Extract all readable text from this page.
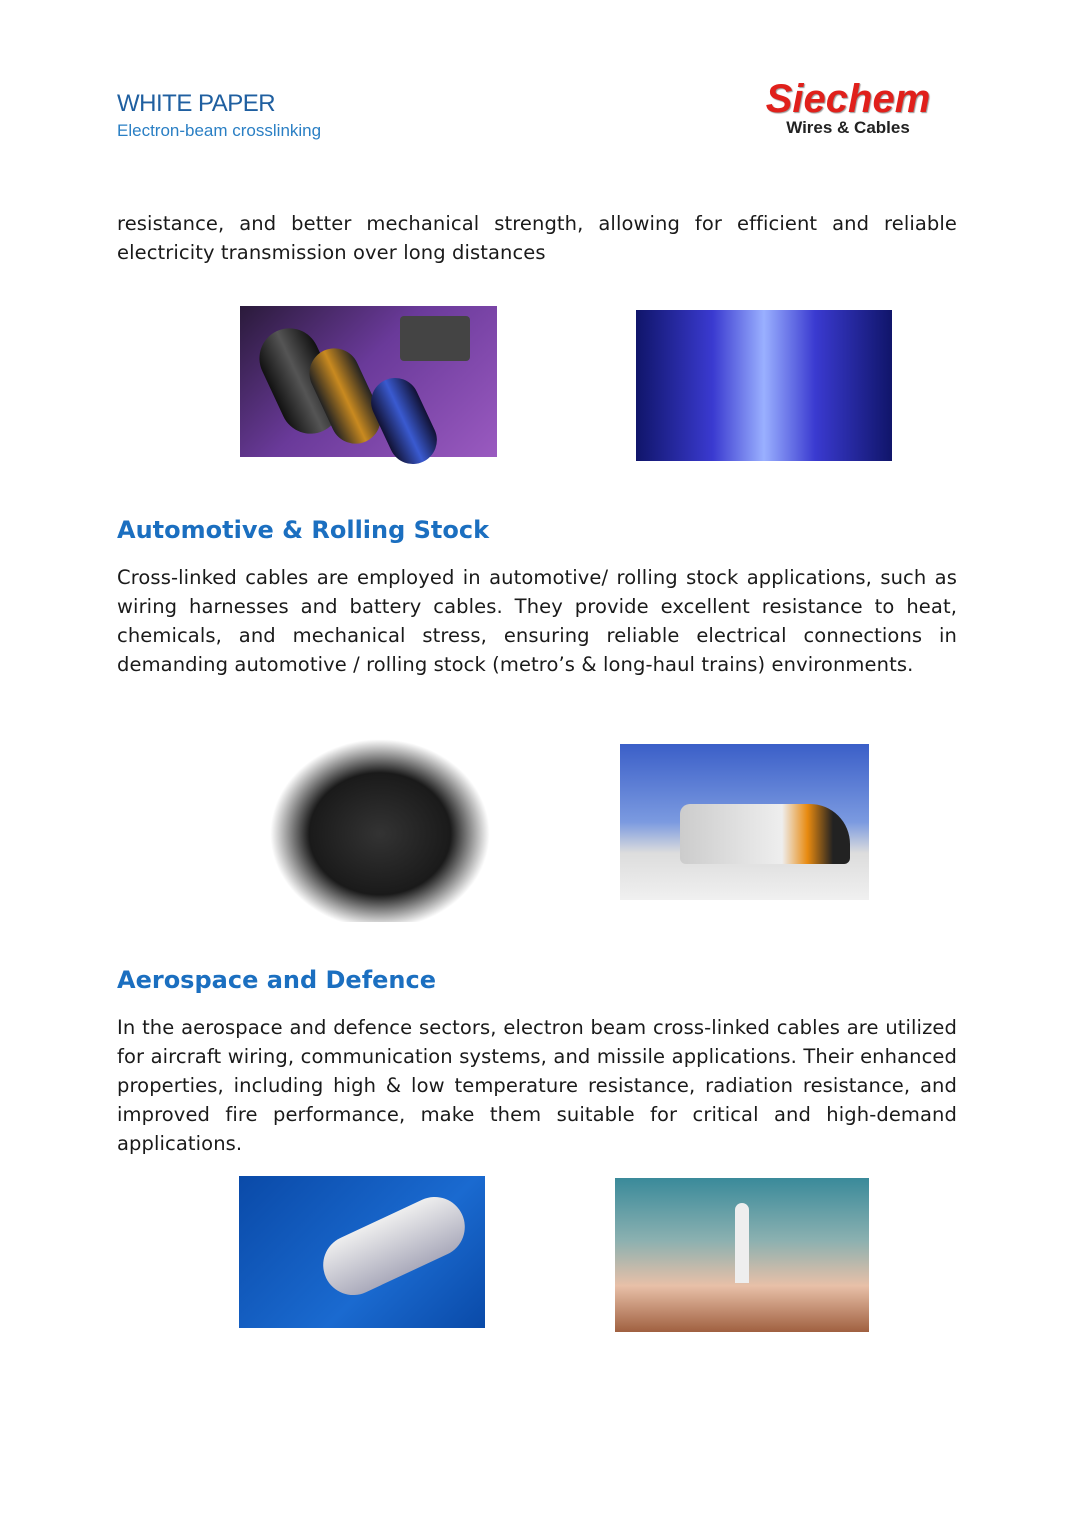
WHITE PAPER
Electron-beam crosslinking
Siechem
Wires & Cables
resistance, and better mechanical strength, allowing for efficient and reliable electricity transmission over long distances
Automotive & Rolling Stock
Cross-linked cables are employed in automotive/ rolling stock applications, such as wiring harnesses and battery cables. They provide excellent resistance to heat, chemicals, and mechanical stress, ensuring reliable electrical connections in demanding automotive / rolling stock (metro’s & long-haul trains) environments.
Aerospace and Defence
In the aerospace and defence sectors, electron beam cross-linked cables are utilized for aircraft wiring, communication systems, and missile applications. Their enhanced properties, including high & low temperature resistance, radiation resistance, and improved fire performance, make them suitable for critical and high-demand applications.
